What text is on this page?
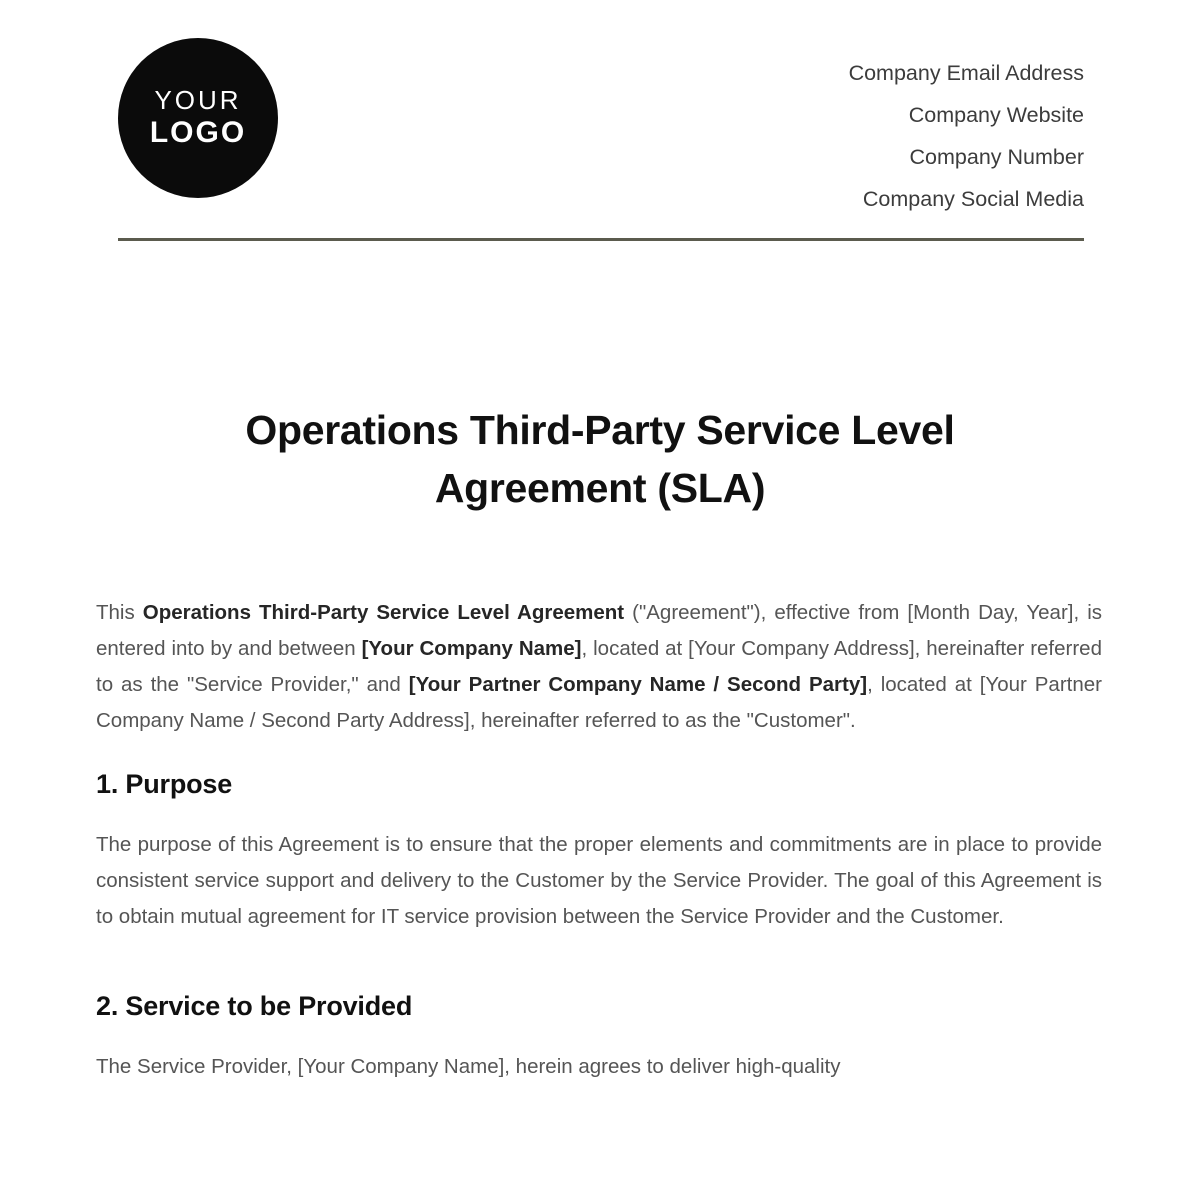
YOUR
LOGO
Company Email Address
Company Website
Company Number
Company Social Media
Operations Third-Party Service Level Agreement (SLA)

This Operations Third-Party Service Level Agreement ("Agreement"), effective from [Month Day, Year], is entered into by and between [Your Company Name], located at [Your Company Address], hereinafter referred to as the "Service Provider," and [Your Partner Company Name / Second Party], located at [Your Partner Company Name / Second Party Address], hereinafter referred to as the "Customer".

1. Purpose

The purpose of this Agreement is to ensure that the proper elements and commitments are in place to provide consistent service support and delivery to the Customer by the Service Provider. The goal of this Agreement is to obtain mutual agreement for IT service provision between the Service Provider and the Customer.

2. Service to be Provided

The Service Provider, [Your Company Name], herein agrees to deliver high-quality
